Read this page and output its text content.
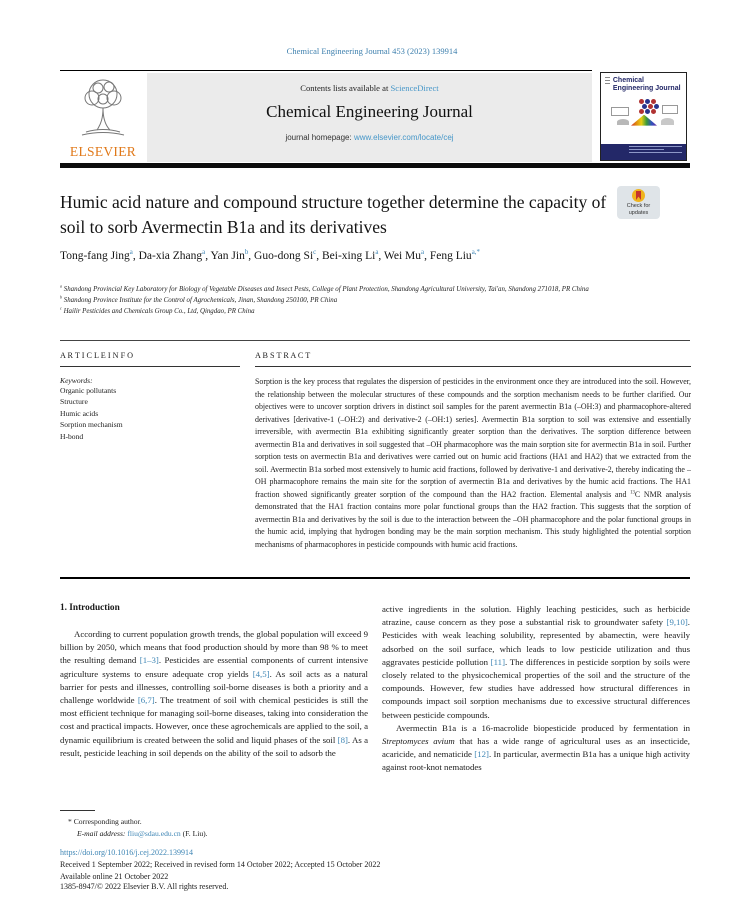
Chemical Engineering Journal 453 (2023) 139914
ELSEVIER
Contents lists available at ScienceDirect
Chemical Engineering Journal
journal homepage: www.elsevier.com/locate/cej
Chemical Engineering Journal
Humic acid nature and compound structure together determine the capacity of soil to sorb Avermectin B1a and its derivatives
Check for updates
Tong-fang Jing$^a$, Da-xia Zhang$^a$, Yan Jin$^b$, Guo-dong Si$^c$, Bei-xing Li$^a$, Wei Mu$^a$, Feng Liu$^{a,*}$
$^a$ Shandong Provincial Key Laboratory for Biology of Vegetable Diseases and Insect Pests, College of Plant Protection, Shandong Agricultural University, Tai'an, Shandong 271018, PR China
$^b$ Shandong Province Institute for the Control of Agrochemicals, Jinan, Shandong 250100, PR China
$^c$ Hailir Pesticides and Chemicals Group Co., Ltd, Qingdao, PR China
A R T I C L E I N F O
Keywords:
Organic pollutants
Structure
Humic acids
Sorption mechanism
H-bond
A B S T R A C T
Sorption is the key process that regulates the dispersion of pesticides in the environment once they are introduced into the soil. However, the relationship between the molecular structures of these compounds and the sorption mechanism needs to be further clarified. Our objectives were to uncover sorption drivers in distinct soil samples for the parent avermectin B1a (–OH:3) and pharmacophore-altered derivatives [derivative-1 (–OH:2) and derivative-2 (–OH:1) series]. Avermectin B1a sorption to soil was extensive and essentially irreversible, with avermectin B1a exhibiting significantly greater sorption than the derivatives. The sorption difference between avermectin B1a and derivatives in soil suggested that –OH pharmacophore was the main sorption site for avermectin B1a in soil. Further sorption tests on avermectin B1a and derivatives were carried out on humic acid fractions (HA1 and HA2) that we extracted from the soil. Avermectin B1a sorbed most extensively to humic acid fractions, followed by derivative-1 and derivative-2, thereby indicating the –OH pharmacophore remains the main site for the sorption of avermectin B1a and derivatives by the humic acid fractions. The HA1 fraction showed significantly greater sorption of the compound than the HA2 fraction. Elemental analysis and $^{13}$C NMR analysis demonstrated that the HA1 fraction contains more polar functional groups than the HA2 fraction. This suggests that the sorption of avermectin B1a and derivatives by the soil is due to the interaction between the –OH pharmacophore and the polar functional groups in the humic acid, implying that hydrogen bonding may be the main sorption mechanism. This study highlighted the potential sorption mechanisms of pharmacophores in pesticide compounds with humic acid fractions.
1. Introduction

According to current population growth trends, the global population will exceed 9 billion by 2050, which means that food production should by more than 98 % to meet the resulting demand [1–3]. Pesticides are essential components of current intensive agriculture systems to ensure adequate crop yields [4,5]. As soil acts as a natural barrier for pests and illnesses, controlling soil-borne diseases is both a priority and a challenge worldwide [6,7]. The treatment of soil with chemical pesticides is still the most efficient technique for managing soil-borne diseases, taking into consideration the cost and practical impacts. However, once these agrochemicals are applied to the soil, a dynamic equilibrium is created between the solid and liquid phases of the soil [8]. As a result, pesticide leaching in soil depends on the ability of the soil to adsorb the

active ingredients in the solution. Highly leaching pesticides, such as herbicide atrazine, cause concern as they pose a substantial risk to groundwater safety [9,10]. Pesticides with weak leaching solubility, represented by abamectin, were heavily adsorbed on the soil surface, which leads to low pesticide utilization and thus aggravates pesticide pollution [11]. The differences in pesticide sorption by soils were closely related to the physicochemical properties of the soil and the structure of the compounds. However, few studies have addressed how structural differences in compounds impact soil sorption mechanisms due to excessive structural differences between pesticide compounds.

Avermectin B1a is a 16-macrolide biopesticide produced by fermentation in Streptomyces avium that has a wide range of agricultural uses as an insecticide, acaricide, and nematicide [12]. In particular, avermectin B1a has a unique high activity against root-knot nematodes

* Corresponding author.
E-mail address: fliu@sdau.edu.cn (F. Liu).
https://doi.org/10.1016/j.cej.2022.139914
Received 1 September 2022; Received in revised form 14 October 2022; Accepted 15 October 2022
Available online 21 October 2022
1385-8947/© 2022 Elsevier B.V. All rights reserved.
